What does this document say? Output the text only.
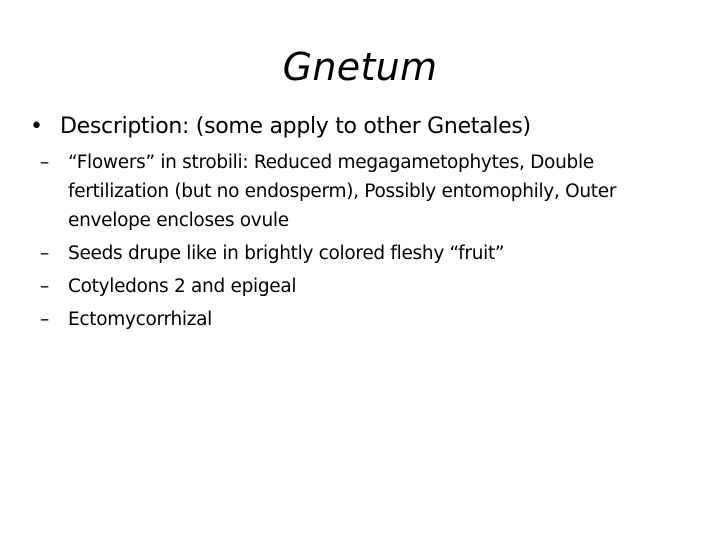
Gnetum
• Description: (some apply to other Gnetales)
–	“Flowers” in strobili: Reduced megagametophytes, Double fertilization (but no endosperm), Possibly entomophily, Outer envelope encloses ovule
–	Seeds drupe like in brightly colored fleshy “fruit”
–	Cotyledons 2 and epigeal
–	Ectomycorrhizal
